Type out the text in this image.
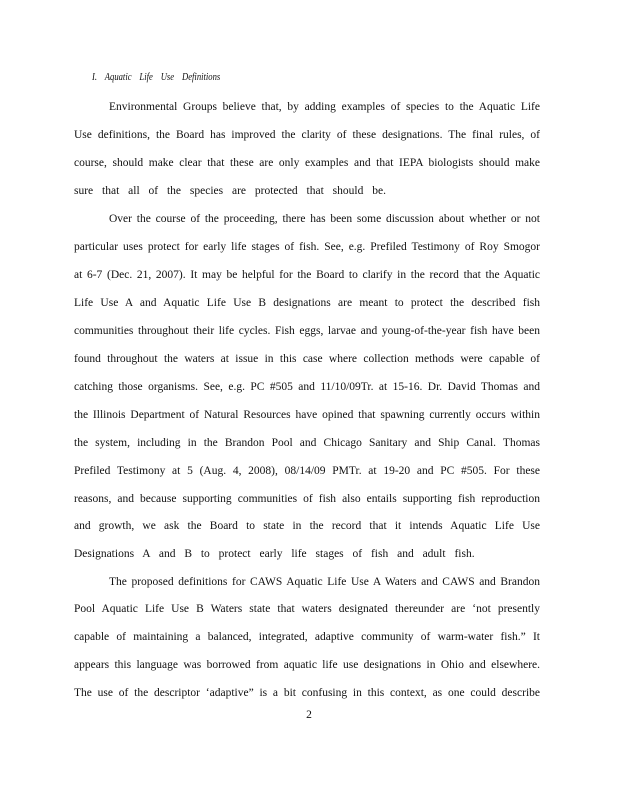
I. Aquatic Life Use Definitions
Environmental Groups believe that, by adding examples of species to the Aquatic Life
Use definitions, the Board has improved the clarity of these designations. The final rules, of
course, should make clear that these are only examples and that IEPA biologists should make
sure that all of the species are protected that should be.
Over the course of the proceeding, there has been some discussion about whether or not
particular uses protect for early life stages of fish. See, e.g. Prefiled Testimony of Roy Smogor
at 6-7 (Dec. 21, 2007). It may be helpful for the Board to clarify in the record that the Aquatic
Life Use A and Aquatic Life Use B designations are meant to protect the described fish
communities throughout their life cycles. Fish eggs, larvae and young-of-the-year fish have been
found throughout the waters at issue in this case where collection methods were capable of
catching those organisms. See, e.g. PC #505 and 11/10/09Tr. at 15-16. Dr. David Thomas and
the Illinois Department of Natural Resources have opined that spawning currently occurs within
the system, including in the Brandon Pool and Chicago Sanitary and Ship Canal. Thomas
Prefiled Testimony at 5 (Aug. 4, 2008), 08/14/09 PMTr. at 19-20 and PC #505. For these
reasons, and because supporting communities of fish also entails supporting fish reproduction
and growth, we ask the Board to state in the record that it intends Aquatic Life Use
Designations A and B to protect early life stages of fish and adult fish.
The proposed definitions for CAWS Aquatic Life Use A Waters and CAWS and Brandon
Pool Aquatic Life Use B Waters state that waters designated thereunder are ‘not presently
capable of maintaining a balanced, integrated, adaptive community of warm-water fish.” It
appears this language was borrowed from aquatic life use designations in Ohio and elsewhere.
The use of the descriptor ‘adaptive” is a bit confusing in this context, as one could describe
2
